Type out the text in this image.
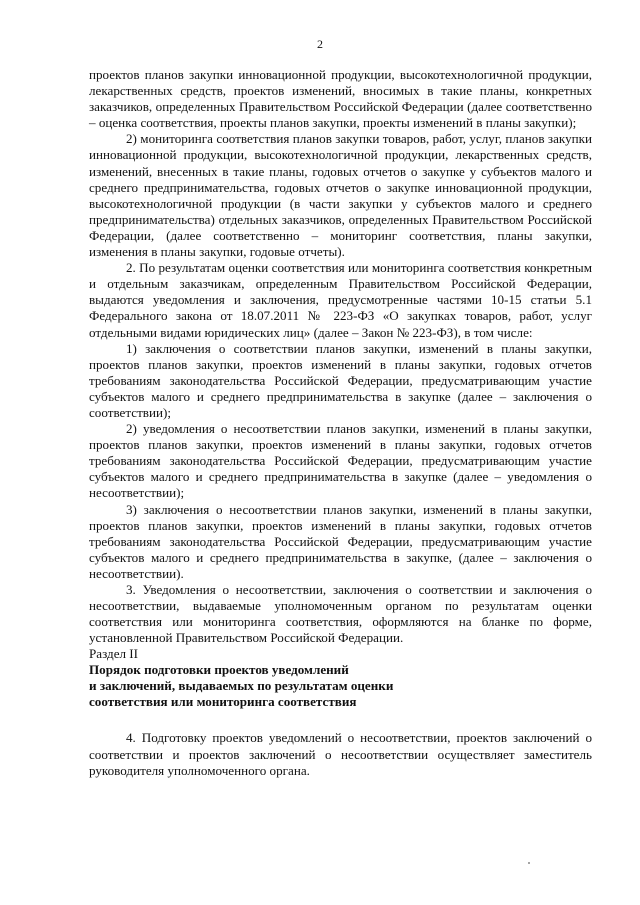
2

проектов планов закупки инновационной продукции, высокотехнологичной продукции, лекарственных средств, проектов изменений, вносимых в такие планы, конкретных заказчиков, определенных Правительством Российской Федерации (далее соответственно – оценка соответствия, проекты планов закупки, проекты изменений в планы закупки);

2) мониторинга соответствия планов закупки товаров, работ, услуг, планов закупки инновационной продукции, высокотехнологичной продукции, лекарственных средств, изменений, внесенных в такие планы, годовых отчетов о закупке у субъектов малого и среднего предпринимательства, годовых отчетов о закупке инновационной продукции, высокотехнологичной продукции (в части закупки у субъектов малого и среднего предпринимательства) отдельных заказчиков, определенных Правительством Российской Федерации, (далее соответственно – мониторинг соответствия, планы закупки, изменения в планы закупки, годовые отчеты).

2. По результатам оценки соответствия или мониторинга соответствия конкретным и отдельным заказчикам, определенным Правительством Российской Федерации, выдаются уведомления и заключения, предусмотренные частями 10-15 статьи 5.1 Федерального закона от 18.07.2011 № 223-ФЗ «О закупках товаров, работ, услуг отдельными видами юридических лиц» (далее – Закон № 223-ФЗ), в том числе:

1) заключения о соответствии планов закупки, изменений в планы закупки, проектов планов закупки, проектов изменений в планы закупки, годовых отчетов требованиям законодательства Российской Федерации, предусматривающим участие субъектов малого и среднего предпринимательства в закупке (далее – заключения о соответствии);

2) уведомления о несоответствии планов закупки, изменений в планы закупки, проектов планов закупки, проектов изменений в планы закупки, годовых отчетов требованиям законодательства Российской Федерации, предусматривающим участие субъектов малого и среднего предпринимательства в закупке (далее – уведомления о несоответствии);

3) заключения о несоответствии планов закупки, изменений в планы закупки, проектов планов закупки, проектов изменений в планы закупки, годовых отчетов требованиям законодательства Российской Федерации, предусматривающим участие субъектов малого и среднего предпринимательства в закупке, (далее – заключения о несоответствии).

3. Уведомления о несоответствии, заключения о соответствии и заключения о несоответствии, выдаваемые уполномоченным органом по результатам оценки соответствия или мониторинга соответствия, оформляются на бланке по форме, установленной Правительством Российской Федерации.

Раздел II

Порядок подготовки проектов уведомлений

и заключений, выдаваемых по результатам оценки

соответствия или мониторинга соответствия

4. Подготовку проектов уведомлений о несоответствии, проектов заключений о соответствии и проектов заключений о несоответствии осуществляет заместитель руководителя уполномоченного органа.
